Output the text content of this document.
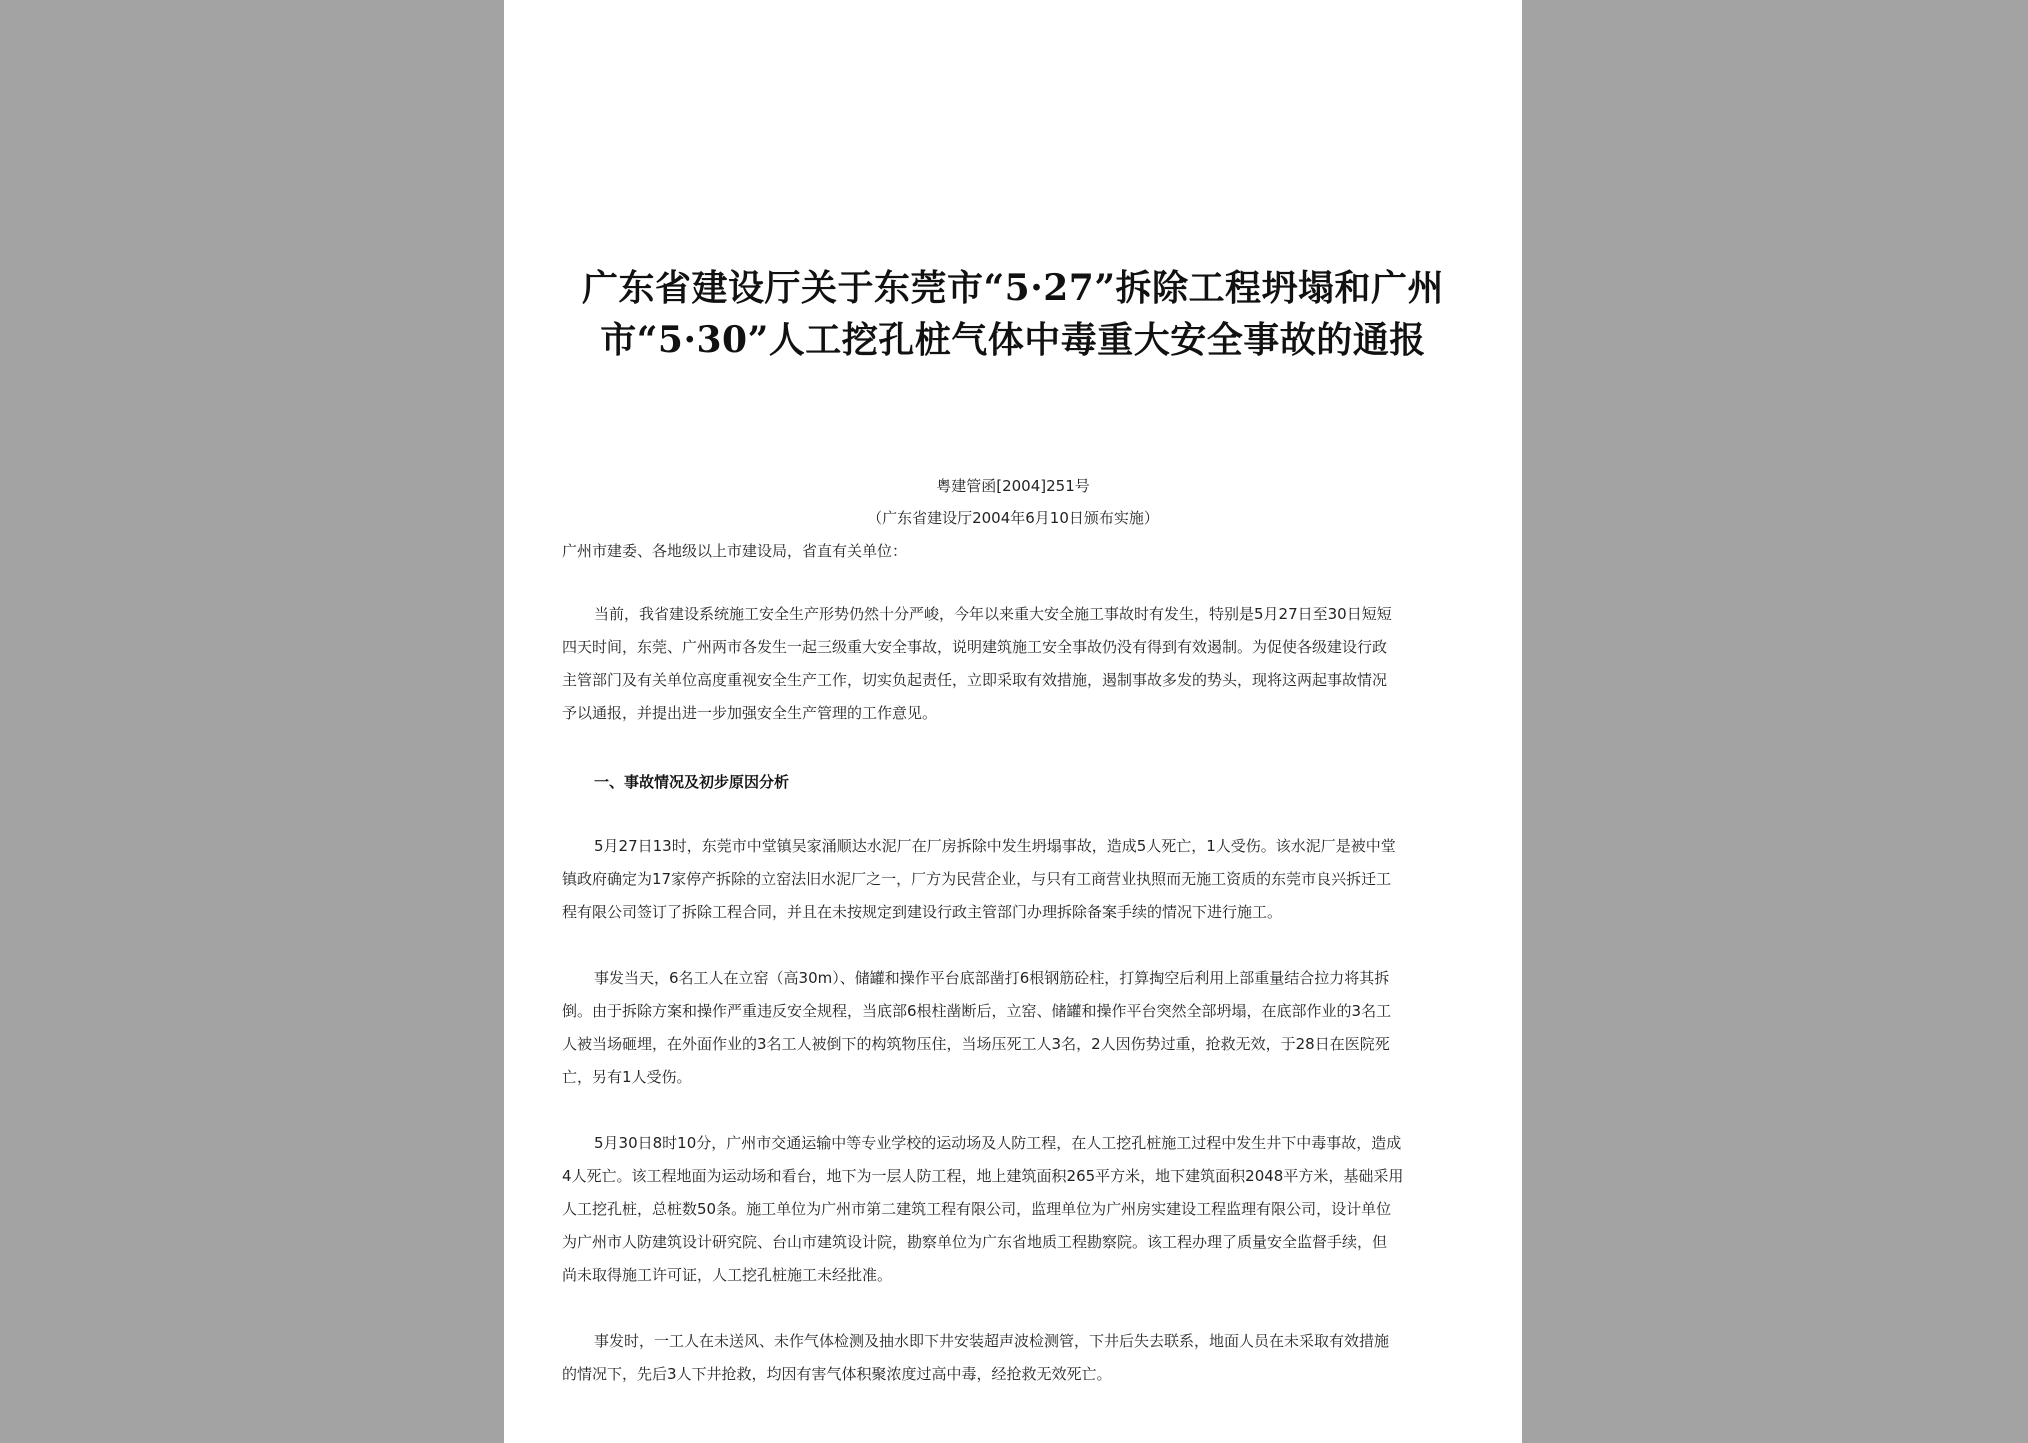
广东省建设厅关于东莞市“5·27”拆除工程坍塌和广州
市“5·30”人工挖孔桩气体中毒重大安全事故的通报
粤建管函[2004]251号
（广东省建设厅2004年6月10日颁布实施）
广州市建委、各地级以上市建设局，省直有关单位：
当前，我省建设系统施工安全生产形势仍然十分严峻，今年以来重大安全施工事故时有发生，特别是5月27日至30日短短
四天时间，东莞、广州两市各发生一起三级重大安全事故，说明建筑施工安全事故仍没有得到有效遏制。为促使各级建设行政
主管部门及有关单位高度重视安全生产工作，切实负起责任，立即采取有效措施，遏制事故多发的势头，现将这两起事故情况
予以通报，并提出进一步加强安全生产管理的工作意见。
一、事故情况及初步原因分析
5月27日13时，东莞市中堂镇吴家涌顺达水泥厂在厂房拆除中发生坍塌事故，造成5人死亡，1人受伤。该水泥厂是被中堂
镇政府确定为17家停产拆除的立窑法旧水泥厂之一，厂方为民营企业，与只有工商营业执照而无施工资质的东莞市良兴拆迁工
程有限公司签订了拆除工程合同，并且在未按规定到建设行政主管部门办理拆除备案手续的情况下进行施工。
事发当天，6名工人在立窑（高30m）、储罐和操作平台底部凿打6根钢筋砼柱，打算掏空后利用上部重量结合拉力将其拆
倒。由于拆除方案和操作严重违反安全规程，当底部6根柱凿断后，立窑、储罐和操作平台突然全部坍塌，在底部作业的3名工
人被当场砸埋，在外面作业的3名工人被倒下的构筑物压住，当场压死工人3名，2人因伤势过重，抢救无效，于28日在医院死
亡，另有1人受伤。
5月30日8时10分，广州市交通运输中等专业学校的运动场及人防工程，在人工挖孔桩施工过程中发生井下中毒事故，造成
4人死亡。该工程地面为运动场和看台，地下为一层人防工程，地上建筑面积265平方米，地下建筑面积2048平方米，基础采用
人工挖孔桩，总桩数50条。施工单位为广州市第二建筑工程有限公司，监理单位为广州房实建设工程监理有限公司，设计单位
为广州市人防建筑设计研究院、台山市建筑设计院，勘察单位为广东省地质工程勘察院。该工程办理了质量安全监督手续，但
尚未取得施工许可证，人工挖孔桩施工未经批准。
事发时，一工人在未送风、未作气体检测及抽水即下井安装超声波检测管，下井后失去联系，地面人员在未采取有效措施
的情况下，先后3人下井抢救，均因有害气体积聚浓度过高中毒，经抢救无效死亡。
